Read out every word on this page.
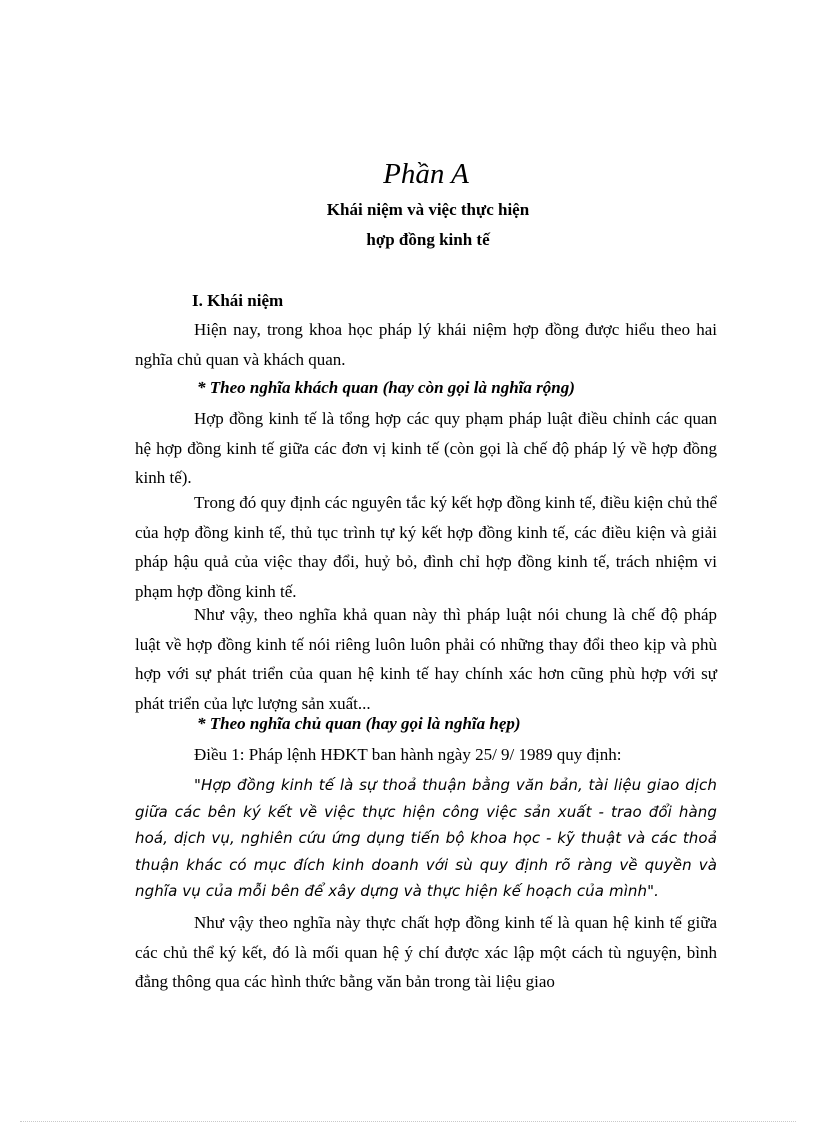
Phần A
Khái niệm và việc thực hiện
hợp đồng kinh tế
I. Khái niệm
Hiện nay, trong khoa học pháp lý khái niệm hợp đồng được hiểu theo hai nghĩa chủ quan và khách quan.
* Theo nghĩa khách quan (hay còn gọi là nghĩa rộng)
Hợp đồng kinh tế là tổng hợp các quy phạm pháp luật điều chỉnh các quan hệ hợp đồng kinh tế giữa các đơn vị kinh tế (còn gọi là chế độ pháp lý về hợp đồng kinh tế).
Trong đó quy định các nguyên tắc ký kết hợp đồng kinh tế, điều kiện chủ thể của hợp đồng kinh tế, thủ tục trình tự ký kết hợp đồng kinh tế, các điều kiện và giải pháp hậu quả của việc thay đổi, huỷ bỏ, đình chỉ hợp đồng kinh tế, trách nhiệm vi phạm hợp đồng kinh tế.
Như vậy, theo nghĩa khả quan này thì pháp luật nói chung là chế độ pháp luật về hợp đồng kinh tế nói riêng luôn luôn phải có những thay đổi theo kịp và phù hợp với sự phát triển của quan hệ kinh tế hay chính xác hơn cũng phù hợp với sự phát triển của lực lượng sản xuất...
* Theo nghĩa chủ quan (hay gọi là nghĩa hẹp)
Điều 1: Pháp lệnh HĐKT ban hành ngày 25/ 9/ 1989 quy định:
"Hợp đồng kinh tế là sự thoả thuận bằng văn bản, tài liệu giao dịch giữa các bên ký kết về việc thực hiện công việc sản xuất - trao đổi hàng hoá, dịch vụ, nghiên cứu ứng dụng tiến bộ khoa học - kỹ thuật và các thoả thuận khác có mục đích kinh doanh với sù quy định rõ ràng về quyền và nghĩa vụ của mỗi bên để xây dựng và thực hiện kế hoạch của mình".
Như vậy theo nghĩa này thực chất hợp đồng kinh tế là quan hệ kinh tế giữa các chủ thể ký kết, đó là mối quan hệ ý chí được xác lập một cách tù nguyện, bình đẳng thông qua các hình thức bằng văn bản trong tài liệu giao
